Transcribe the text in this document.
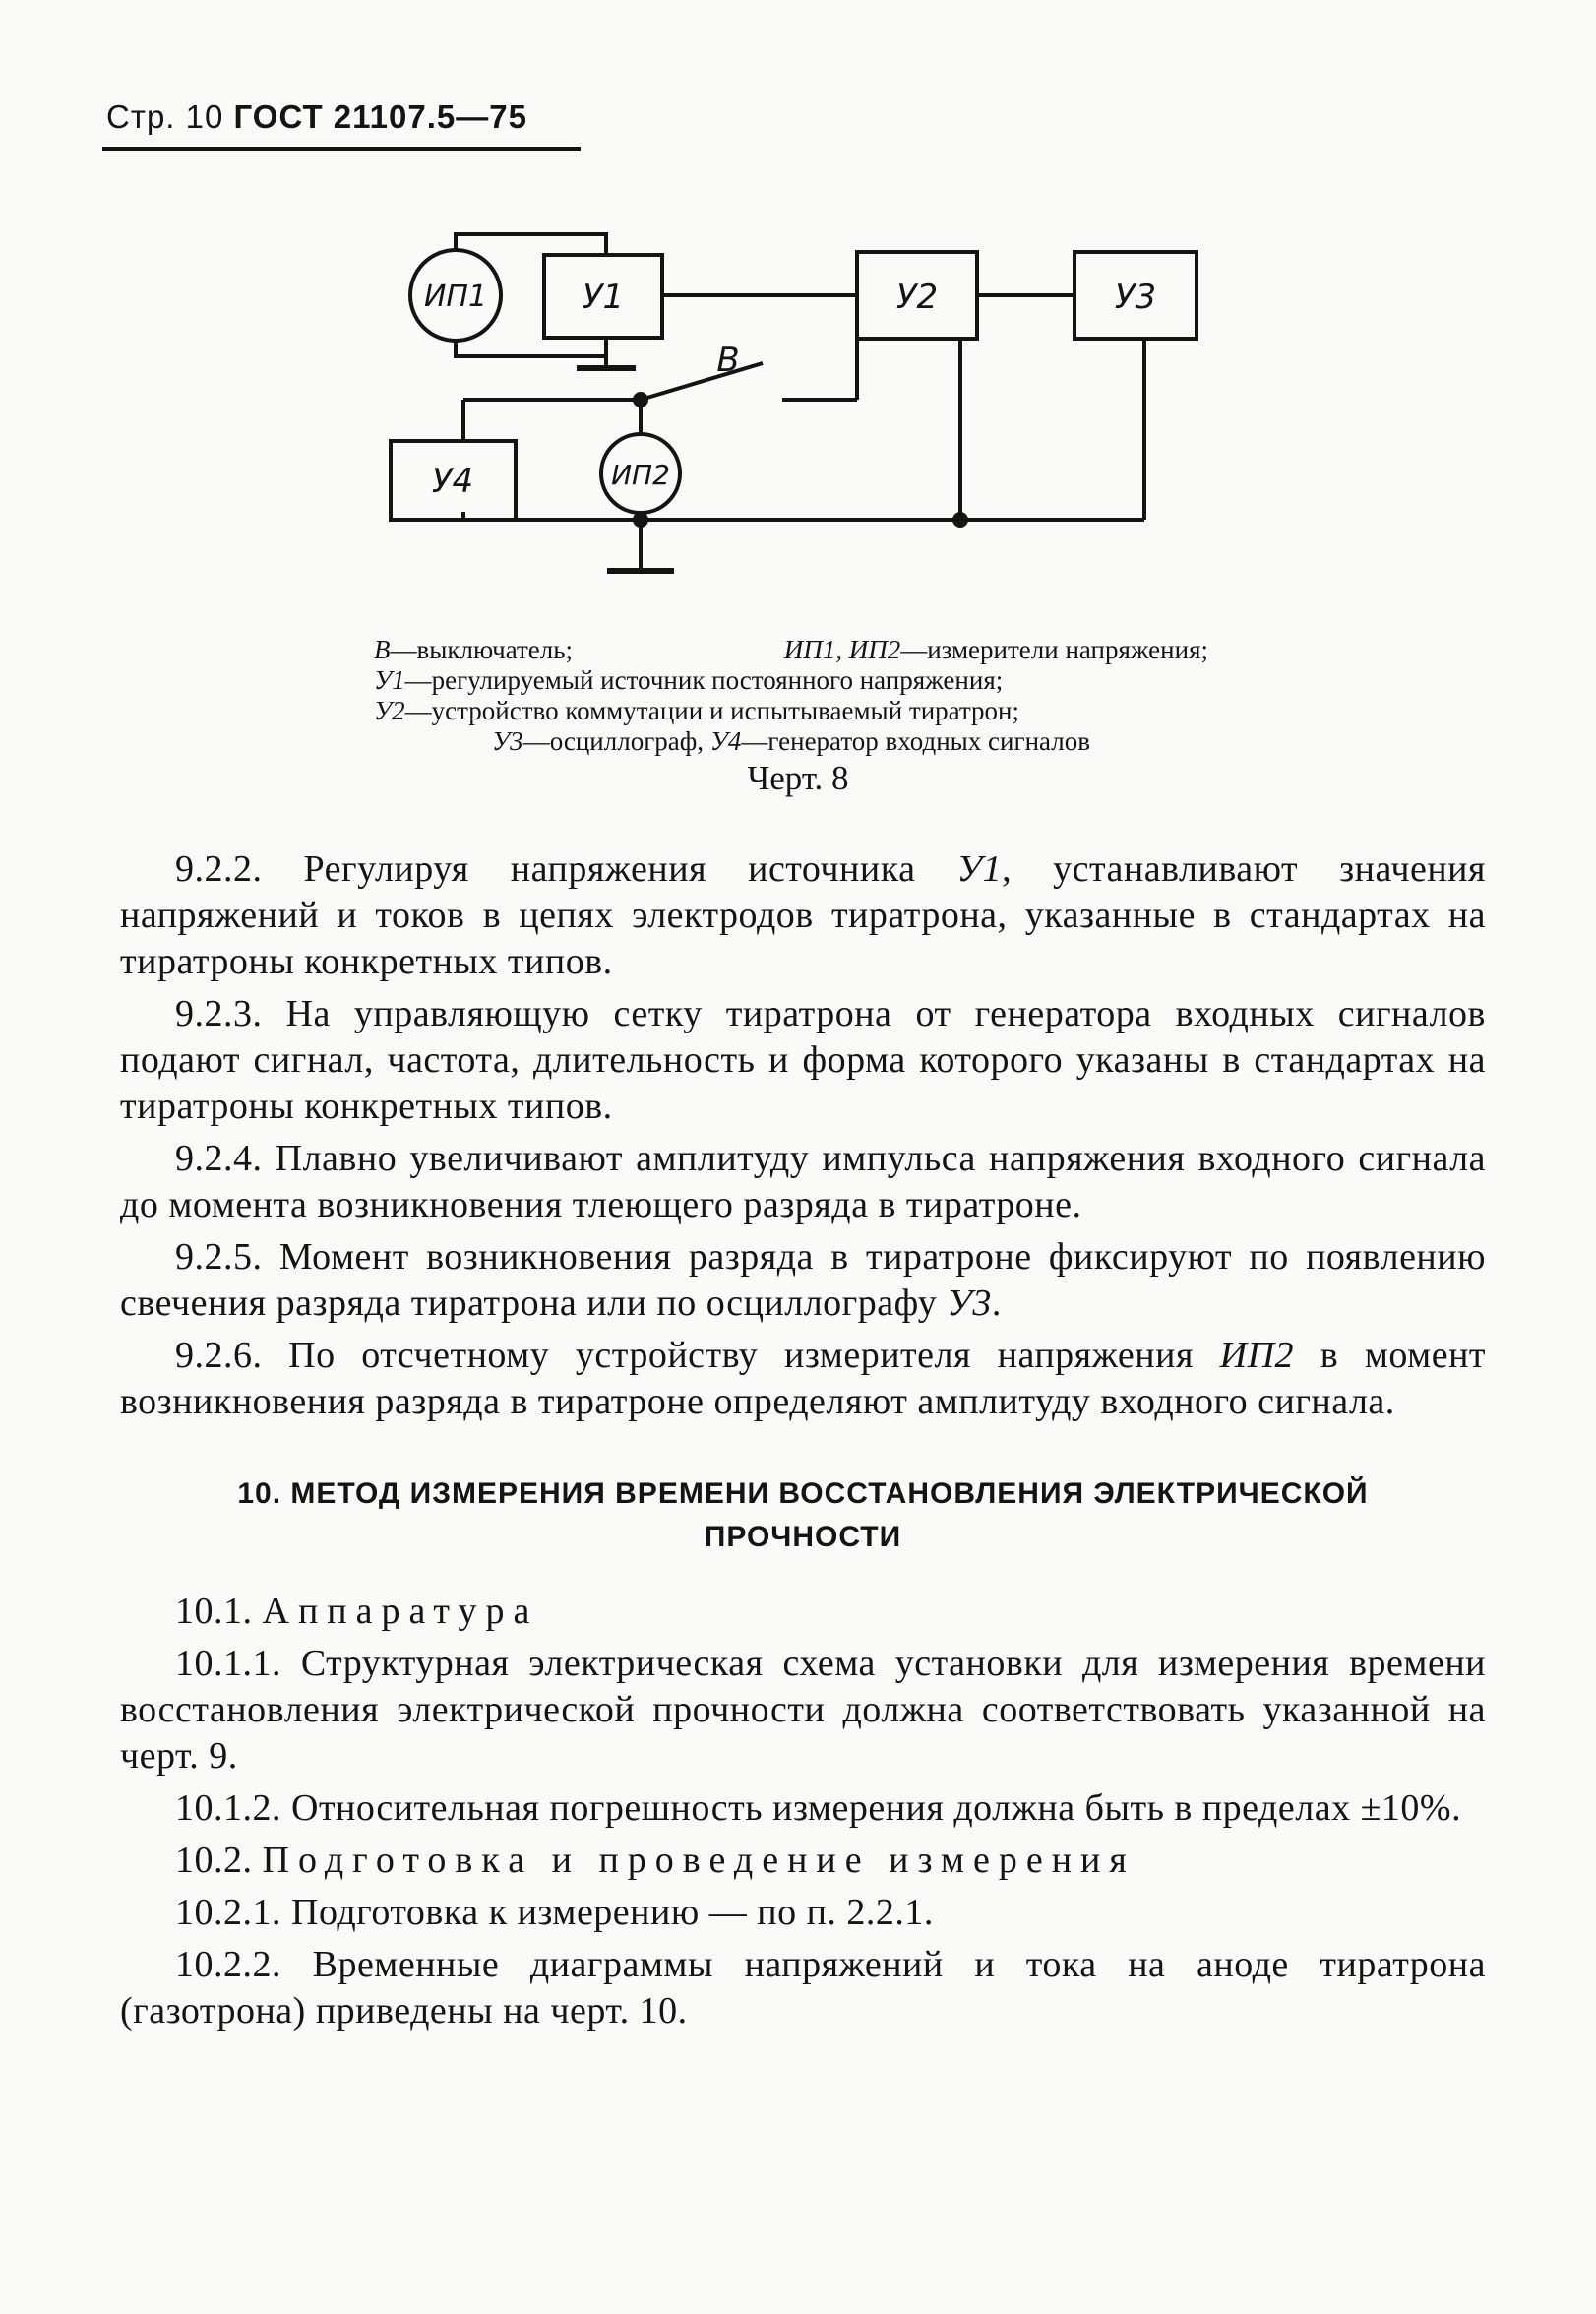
Стр. 10 ГОСТ 21107.5—75
ИП1	У1	У2	У3
У4	ИП2
В
В—выключатель;	ИП1, ИП2—измерители напряжения;
У1—регулируемый источник постоянного напряжения;
У2—устройство коммутации и испытываемый тиратрон;
У3—осциллограф, У4—генератор входных сигналов
Черт. 8

9.2.2. Регулируя напряжения источника У1, устанавливают значения напряжений и токов в цепях электродов тиратрона, указанные в стандартах на тиратроны конкретных типов.

9.2.3. На управляющую сетку тиратрона от генератора входных сигналов подают сигнал, частота, длительность и форма которого указаны в стандартах на тиратроны конкретных типов.

9.2.4. Плавно увеличивают амплитуду импульса напряжения входного сигнала до момента возникновения тлеющего разряда в тиратроне.

9.2.5. Момент возникновения разряда в тиратроне фиксируют по появлению свечения разряда тиратрона или по осциллографу У3.

9.2.6. По отсчетному устройству измерителя напряжения ИП2 в момент возникновения разряда в тиратроне определяют амплитуду входного сигнала.

10. МЕТОД ИЗМЕРЕНИЯ ВРЕМЕНИ ВОССТАНОВЛЕНИЯ ЭЛЕКТРИЧЕСКОЙ
ПРОЧНОСТИ

10.1. Аппаратура

10.1.1. Структурная электрическая схема установки для измерения времени восстановления электрической прочности должна соответствовать указанной на черт. 9.

10.1.2. Относительная погрешность измерения должна быть в пределах ±10%.

10.2. Подготовка и проведение измерения

10.2.1. Подготовка к измерению — по п. 2.2.1.

10.2.2. Временные диаграммы напряжений и тока на аноде тиратрона (газотрона) приведены на черт. 10.
